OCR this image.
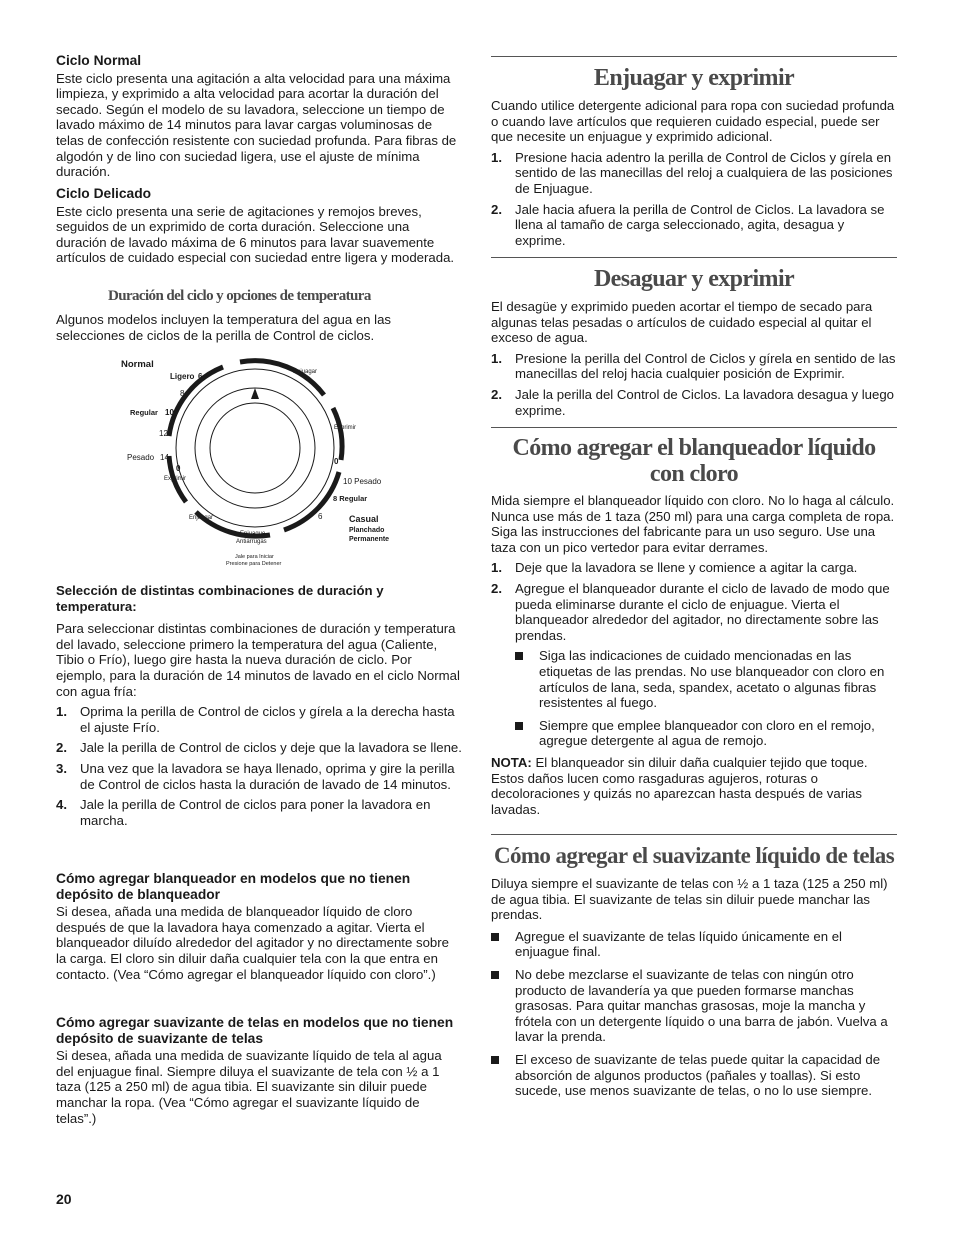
Ciclo Normal

Este ciclo presenta una agitación a alta velocidad para una máxima limpieza, y exprimido a alta velocidad para acortar la duración del secado. Según el modelo de su lavadora, seleccione un tiempo de lavado máximo de 14 minutos para lavar cargas voluminosas de telas de confección resistente con suciedad profunda. Para fibras de algodón y de lino con suciedad ligera, use el ajuste de mínima duración.

Ciclo Delicado

Este ciclo presenta una serie de agitaciones y remojos breves, seguidos de un exprimido de corta duración. Seleccione una duración de lavado máxima de 6 minutos para lavar suavemente artículos de cuidado especial con suciedad entre ligera y moderada.

Duración del ciclo y opciones de temperatura

Algunos modelos incluyen la temperatura del agua en las selecciones de ciclos de la perilla de Control de ciclos.

Normal
Ligero 6
8
Regular 10
12
Pesado 14
0
Exprimir
Enjuagar
Exprimir
0
10 Pesado
8 Regular
6	Casual
Planchado
Permanente
Enjuagar
Enjuague
Antiarrugas
Jale para Iniciar
Presione para Detener

Selección de distintas combinaciones de duración y temperatura:

Para seleccionar distintas combinaciones de duración y temperatura del lavado, seleccione primero la temperatura del agua (Caliente, Tibio o Frío), luego gire hasta la nueva duración de ciclo. Por ejemplo, para la duración de 14 minutos de lavado en el ciclo Normal con agua fría:

1. Oprima la perilla de Control de ciclos y gírela a la derecha hasta el ajuste Frío.
2. Jale la perilla de Control de ciclos y deje que la lavadora se llene.
3. Una vez que la lavadora se haya llenado, oprima y gire la perilla de Control de ciclos hasta la duración de lavado de 14 minutos.
4. Jale la perilla de Control de ciclos para poner la lavadora en marcha.

Cómo agregar blanqueador en modelos que no tienen depósito de blanqueador

Si desea, añada una medida de blanqueador líquido de cloro después de que la lavadora haya comenzado a agitar. Vierta el blanqueador diluído alrededor del agitador y no directamente sobre la carga. El cloro sin diluir daña cualquier tela con la que entra en contacto. (Vea “Cómo agregar el blanqueador líquido con cloro”.)

Cómo agregar suavizante de telas en modelos que no tienen depósito de suavizante de telas

Si desea, añada una medida de suavizante líquido de tela al agua del enjuague final. Siempre diluya el suavizante de tela con ½ a 1 taza (125 a 250 ml) de agua tibia. El suavizante sin diluir puede manchar la ropa. (Vea “Cómo agregar el suavizante líquido de telas”.)

20

Enjuagar y exprimir

Cuando utilice detergente adicional para ropa con suciedad profunda o cuando lave artículos que requieren cuidado especial, puede ser que necesite un enjuague y exprimido adicional.

1. Presione hacia adentro la perilla de Control de Ciclos y gírela en sentido de las manecillas del reloj a cualquiera de las posiciones de Enjuague.
2. Jale hacia afuera la perilla de Control de Ciclos. La lavadora se llena al tamaño de carga seleccionado, agita, desagua y exprime.

Desaguar y exprimir

El desagüe y exprimido pueden acortar el tiempo de secado para algunas telas pesadas o artículos de cuidado especial al quitar el exceso de agua.

1. Presione la perilla del Control de Ciclos y gírela en sentido de las manecillas del reloj hacia cualquier posición de Exprimir.
2. Jale la perilla del Control de Ciclos. La lavadora desagua y luego exprime.

Cómo agregar el blanqueador líquido

con cloro

Mida siempre el blanqueador líquido con cloro. No lo haga al cálculo. Nunca use más de 1 taza (250 ml) para una carga completa de ropa. Siga las instrucciones del fabricante para un uso seguro. Use una taza con un pico vertedor para evitar derrames.

1. Deje que la lavadora se llene y comience a agitar la carga.
2. Agregue el blanqueador durante el ciclo de lavado de modo que pueda eliminarse durante el ciclo de enjuague. Vierta el blanqueador alrededor del agitador, no directamente sobre las prendas.
Siga las indicaciones de cuidado mencionadas en las etiquetas de las prendas. No use blanqueador con cloro en artículos de lana, seda, spandex, acetato o algunas fibras resistentes al fuego.
Siempre que emplee blanqueador con cloro en el remojo, agregue detergente al agua de remojo.

NOTA: El blanqueador sin diluir daña cualquier tejido que toque. Estos daños lucen como rasgaduras agujeros, roturas o decoloraciones y quizás no aparezcan hasta después de varias lavadas.

Cómo agregar el suavizante líquido de telas

Diluya siempre el suavizante de telas con ½ a 1 taza (125 a 250 ml) de agua tibia. El suavizante de telas sin diluir puede manchar las prendas.

Agregue el suavizante de telas líquido únicamente en el enjuague final.
No debe mezclarse el suavizante de telas con ningún otro producto de lavandería ya que pueden formarse manchas grasosas. Para quitar manchas grasosas, moje la mancha y frótela con un detergente líquido o una barra de jabón. Vuelva a lavar la prenda.
El exceso de suavizante de telas puede quitar la capacidad de absorción de algunos productos (pañales y toallas). Si esto sucede, use menos suavizante de telas, o no lo use siempre.
